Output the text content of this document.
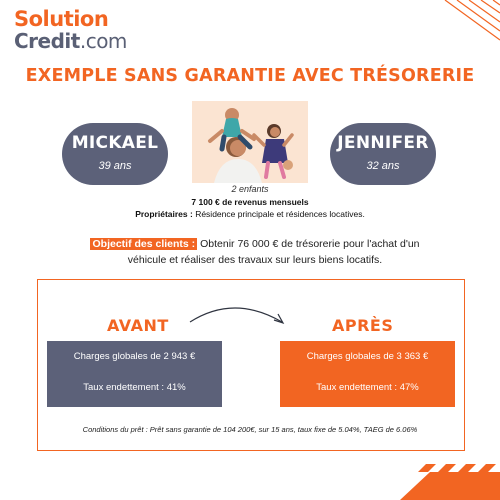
Solution
Credit.com
EXEMPLE SANS GARANTIE AVEC TRÉSORERIE
MICKAEL
39 ans
JENNIFER
32 ans
2 enfants
7 100 € de revenus mensuels
Propriétaires : Résidence principale et résidences locatives.
Objectif des clients : Obtenir 76 000 € de trésorerie pour l'achat d'un véhicule et réaliser des travaux sur leurs biens locatifs.
AVANT	APRÈS
Charges globales de 2 943 €
Taux endettement : 41%
Charges globales de 3 363 €
Taux endettement : 47%
Conditions du prêt : Prêt sans garantie de 104 200€, sur 15 ans, taux fixe de 5.04%, TAEG de 6.06%
